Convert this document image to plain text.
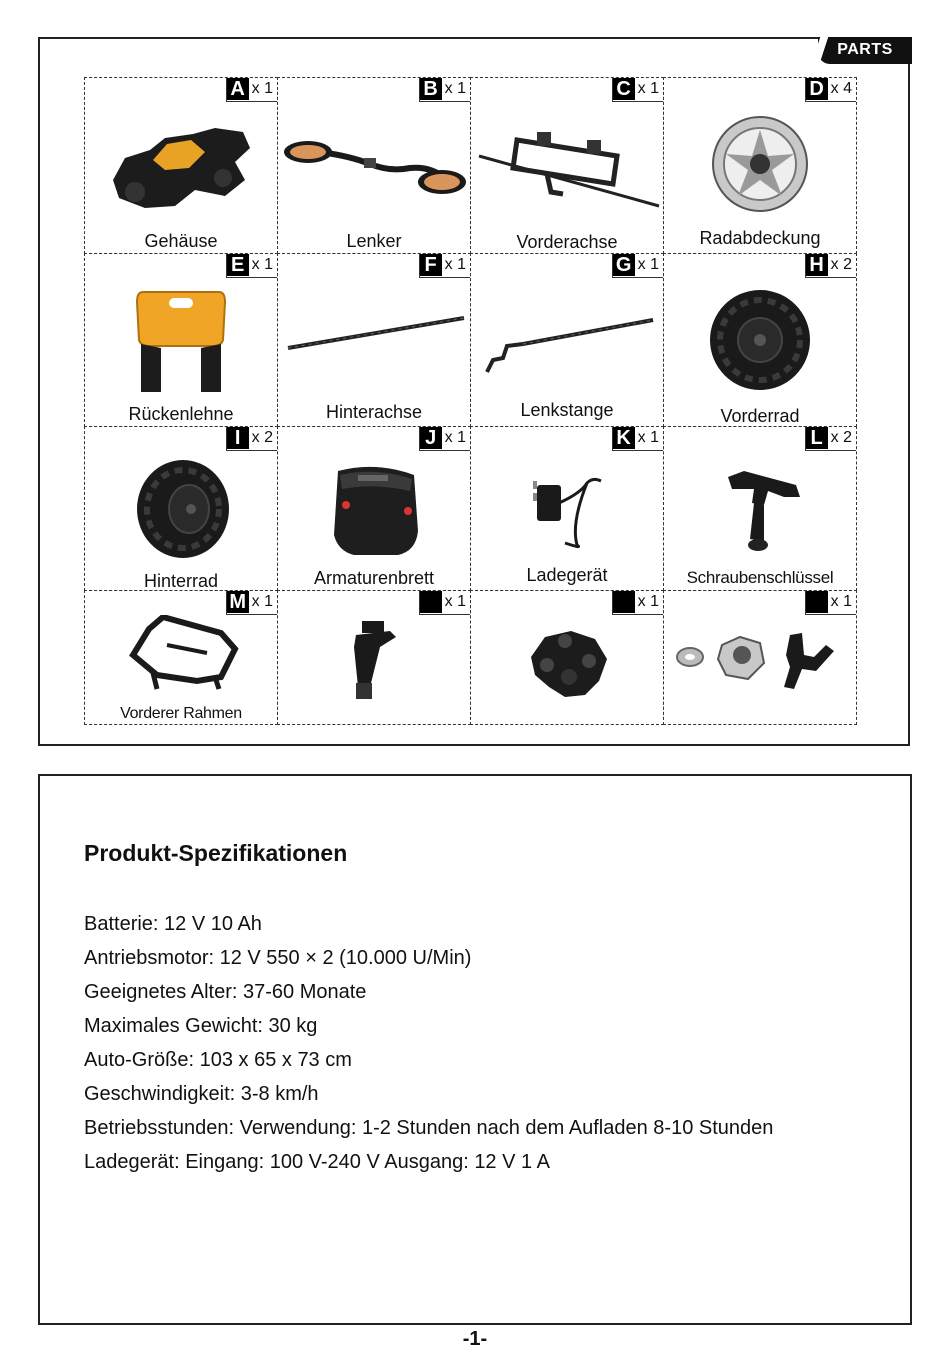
PARTS
A x 1
Gehäuse
B x 1
Lenker
C x 1
Vorderachse
D x 4
Radabdeckung
E x 1
Rückenlehne
F x 1
Hinterachse
G x 1
Lenkstange
H x 2
Vorderrad
I x 2
Hinterrad
J x 1
Armaturenbrett
K x 1
Ladegerät
L x 2
Schraubenschlüssel
M x 1
Vorderer Rahmen
x 1	x 1	x 1
Produkt-Spezifikationen
Batterie: 12 V 10 Ah
Antriebsmotor: 12 V 550 × 2 (10.000 U/Min)
Geeignetes Alter: 37-60 Monate
Maximales Gewicht: 30 kg
Auto-Größe: 103 x 65 x 73 cm
Geschwindigkeit: 3-8 km/h
Betriebsstunden: Verwendung: 1-2 Stunden nach dem Aufladen 8-10 Stunden
Ladegerät: Eingang: 100 V-240 V Ausgang: 12 V 1 A
-1-
